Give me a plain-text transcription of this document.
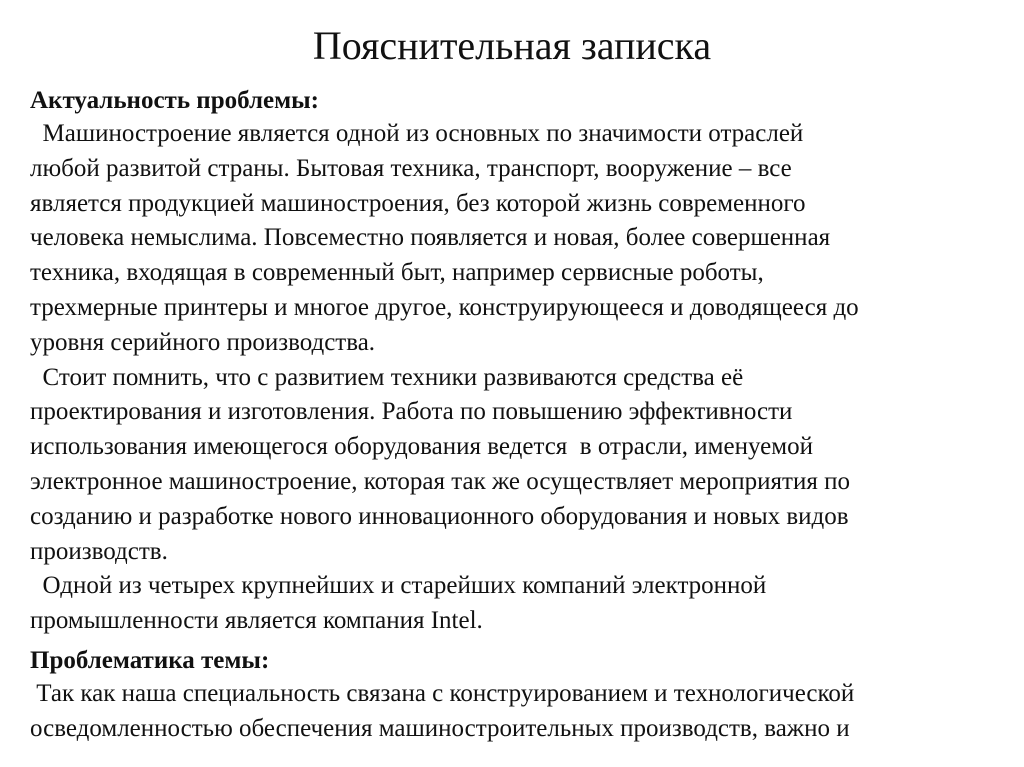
Пояснительная записка

Актуальность проблемы:

Машиностроение является одной из основных по значимости отраслей

любой развитой страны. Бытовая техника, транспорт, вооружение – все

является продукцией машиностроения, без которой жизнь современного

человека немыслима. Повсеместно появляется и новая, более совершенная

техника, входящая в современный быт, например сервисные роботы,

трехмерные принтеры и многое другое, конструирующееся и доводящееся до

уровня серийного производства.

Стоит помнить, что с развитием техники развиваются средства её

проектирования и изготовления. Работа по повышению эффективности

использования имеющегося оборудования ведется  в отрасли, именуемой

электронное машиностроение, которая так же осуществляет мероприятия по

созданию и разработке нового инновационного оборудования и новых видов

производств.

Одной из четырех крупнейших и старейших компаний электронной

промышленности является компания Intel.

Проблематика темы:

Так как наша специальность связана с конструированием и технологической

осведомленностью обеспечения машиностроительных производств, важно и
